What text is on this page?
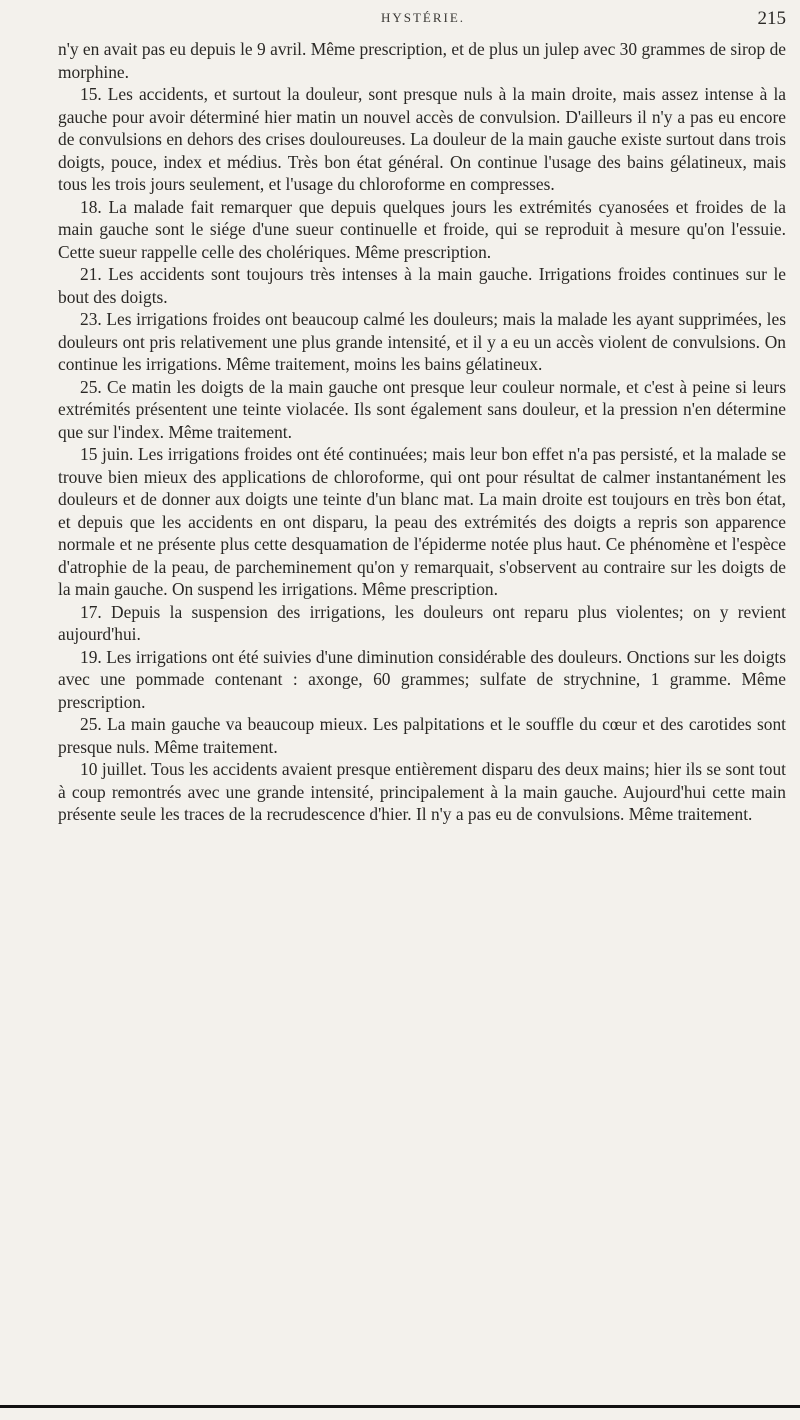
HYSTÉRIE.	215

n'y en avait pas eu depuis le 9 avril. Même prescription, et de plus un julep avec 30 grammes de sirop de morphine.

15. Les accidents, et surtout la douleur, sont presque nuls à la main droite, mais assez intense à la gauche pour avoir déterminé hier matin un nouvel accès de convulsion. D'ailleurs il n'y a pas eu encore de convulsions en dehors des crises douloureuses. La douleur de la main gauche existe surtout dans trois doigts, pouce, index et médius. Très bon état général. On continue l'usage des bains gélatineux, mais tous les trois jours seulement, et l'usage du chloroforme en compresses.

18. La malade fait remarquer que depuis quelques jours les extrémités cyanosées et froides de la main gauche sont le siége d'une sueur continuelle et froide, qui se reproduit à mesure qu'on l'essuie. Cette sueur rappelle celle des cholériques. Même prescription.

21. Les accidents sont toujours très intenses à la main gauche. Irrigations froides continues sur le bout des doigts.

23. Les irrigations froides ont beaucoup calmé les douleurs; mais la malade les ayant supprimées, les douleurs ont pris relativement une plus grande intensité, et il y a eu un accès violent de convulsions. On continue les irrigations. Même traitement, moins les bains gélatineux.

25. Ce matin les doigts de la main gauche ont presque leur couleur normale, et c'est à peine si leurs extrémités présentent une teinte violacée. Ils sont également sans douleur, et la pression n'en détermine que sur l'index. Même traitement.

15 juin. Les irrigations froides ont été continuées; mais leur bon effet n'a pas persisté, et la malade se trouve bien mieux des applications de chloroforme, qui ont pour résultat de calmer instantanément les douleurs et de donner aux doigts une teinte d'un blanc mat. La main droite est toujours en très bon état, et depuis que les accidents en ont disparu, la peau des extrémités des doigts a repris son apparence normale et ne présente plus cette desquamation de l'épiderme notée plus haut. Ce phénomène et l'espèce d'atrophie de la peau, de parcheminement qu'on y remarquait, s'observent au contraire sur les doigts de la main gauche. On suspend les irrigations. Même prescription.

17. Depuis la suspension des irrigations, les douleurs ont reparu plus violentes; on y revient aujourd'hui.

19. Les irrigations ont été suivies d'une diminution considérable des douleurs. Onctions sur les doigts avec une pommade contenant : axonge, 60 grammes; sulfate de strychnine, 1 gramme. Même prescription.

25. La main gauche va beaucoup mieux. Les palpitations et le souffle du cœur et des carotides sont presque nuls. Même traitement.

10 juillet. Tous les accidents avaient presque entièrement disparu des deux mains; hier ils se sont tout à coup remontrés avec une grande intensité, principalement à la main gauche. Aujourd'hui cette main présente seule les traces de la recrudescence d'hier. Il n'y a pas eu de convulsions. Même traitement.
